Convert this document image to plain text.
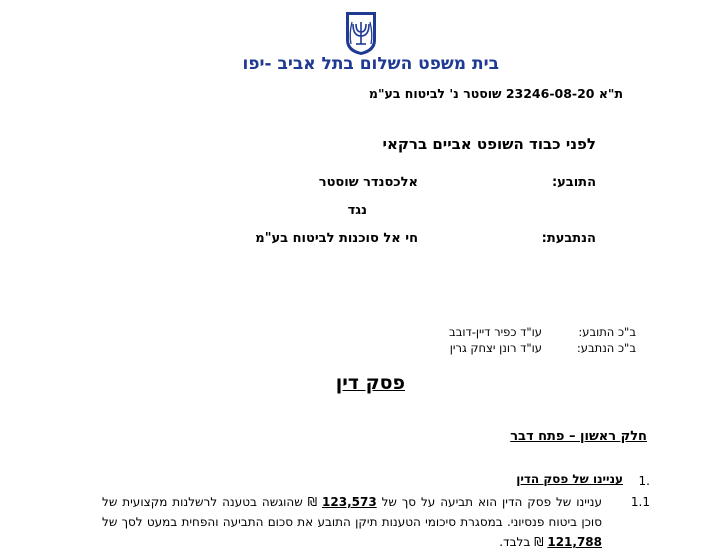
בית משפט השלום בתל אביב -יפו
ת"א 23246-08-20 שוסטר נ' לביטוח בע"מ
לפני כבוד השופט אביים ברקאי
התובע:
אלכסנדר שוסטר
נגד
הנתבעת:
חי אל סוכנות לביטוח בע"מ
ב"כ התובע:
עו"ד כפיר דיין-דובב
ב"כ הנתבע:
עו"ד רונן יצחק גרין
פסק דין
חלק ראשון – פתח דבר
1.
עניינו של פסק הדין
1.1
עניינו של פסק הדין הוא תביעה על סך של 123,573 ₪ שהוגשה בטענה לרשלנות מקצועית של סוכן ביטוח פנסיוני. במסגרת סיכומי הטענות תיקן התובע את סכום התביעה והפחית במעט לסך של 121,788 ₪ בלבד.
